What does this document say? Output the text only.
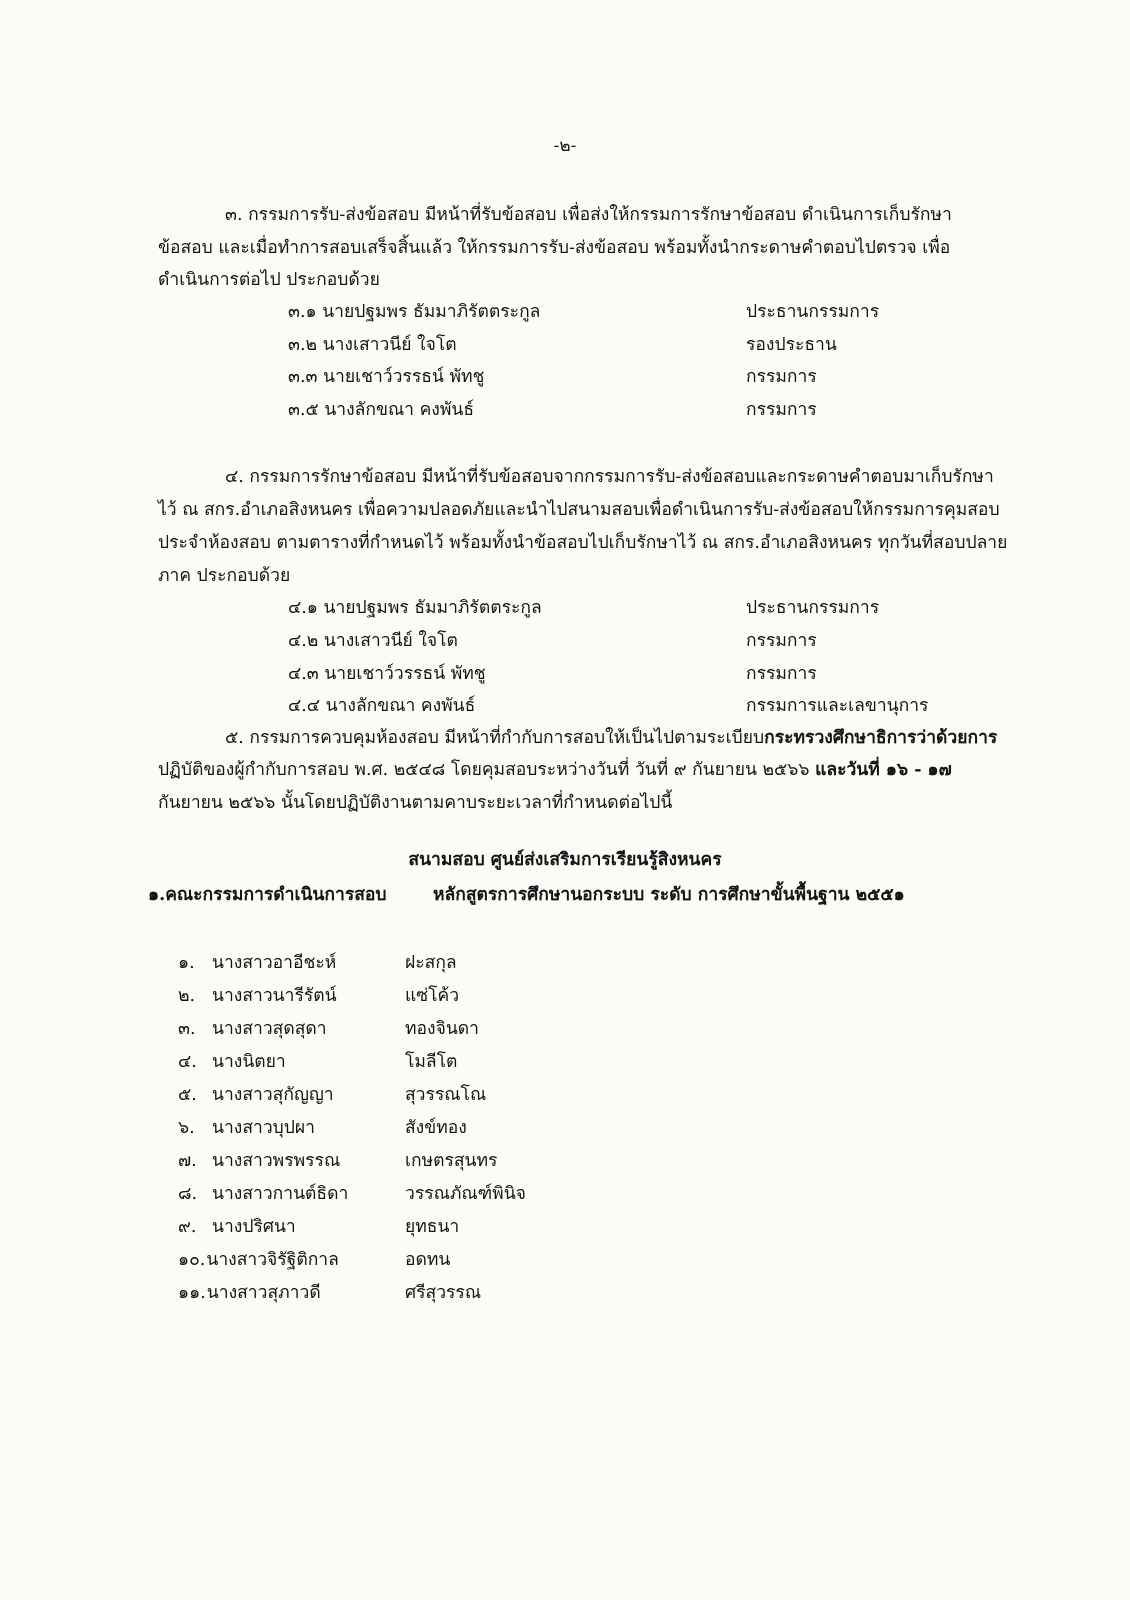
-๒-
๓. กรรมการรับ-ส่งข้อสอบ มีหน้าที่รับข้อสอบ เพื่อส่งให้กรรมการรักษาข้อสอบ ดำเนินการเก็บรักษา
ข้อสอบ และเมื่อทำการสอบเสร็จสิ้นแล้ว ให้กรรมการรับ-ส่งข้อสอบ พร้อมทั้งนำกระดาษคำตอบไปตรวจ เพื่อ
ดำเนินการต่อไป ประกอบด้วย
๓.๑ นายปฐมพร ธัมมาภิรัตตระกูล	ประธานกรรมการ
๓.๒ นางเสาวนีย์ ใจโต	รองประธาน
๓.๓ นายเชาว์วรรธน์ พัทชู	กรรมการ
๓.๕ นางลักขณา คงพันธ์	กรรมการ
๔. กรรมการรักษาข้อสอบ มีหน้าที่รับข้อสอบจากกรรมการรับ-ส่งข้อสอบและกระดาษคำตอบมาเก็บรักษา
ไว้ ณ สกร.อำเภอสิงหนคร เพื่อความปลอดภัยและนำไปสนามสอบเพื่อดำเนินการรับ-ส่งข้อสอบให้กรรมการคุมสอบ
ประจำห้องสอบ ตามตารางที่กำหนดไว้ พร้อมทั้งนำข้อสอบไปเก็บรักษาไว้ ณ สกร.อำเภอสิงหนคร ทุกวันที่สอบปลาย
ภาค ประกอบด้วย
๔.๑ นายปฐมพร ธัมมาภิรัตตระกูล	ประธานกรรมการ
๔.๒ นางเสาวนีย์ ใจโต	กรรมการ
๔.๓ นายเชาว์วรรธน์ พัทชู	กรรมการ
๔.๔ นางลักขณา คงพันธ์	กรรมการและเลขานุการ
๕. กรรมการควบคุมห้องสอบ มีหน้าที่กำกับการสอบให้เป็นไปตามระเบียบกระทรวงศึกษาธิการว่าด้วยการ
ปฏิบัติของผู้กำกับการสอบ พ.ศ. ๒๕๔๘ โดยคุมสอบระหว่างวันที่ วันที่ ๙ กันยายน ๒๕๖๖ และวันที่ ๑๖ - ๑๗
กันยายน ๒๕๖๖ นั้นโดยปฏิบัติงานตามคาบระยะเวลาที่กำหนดต่อไปนี้
สนามสอบ ศูนย์ส่งเสริมการเรียนรู้สิงหนคร
๑.คณะกรรมการดำเนินการสอบ	หลักสูตรการศึกษานอกระบบ ระดับ การศึกษาขั้นพื้นฐาน ๒๕๕๑
๑. นางสาวอาอีชะห์	ฝะสกุล
๒. นางสาวนารีรัตน์	แซ่โค้ว
๓. นางสาวสุดสุดา	ทองจินดา
๔. นางนิตยา	โมลีโต
๕. นางสาวสุกัญญา	สุวรรณโณ
๖. นางสาวบุปผา	สังข์ทอง
๗. นางสาวพรพรรณ	เกษตรสุนทร
๘. นางสาวกานต์ธิดา	วรรณภัณฑ์พินิจ
๙. นางปริศนา	ยุทธนา
๑๐. นางสาวจิรัฐิติกาล	อดทน
๑๑. นางสาวสุภาวดี	ศรีสุวรรณ
